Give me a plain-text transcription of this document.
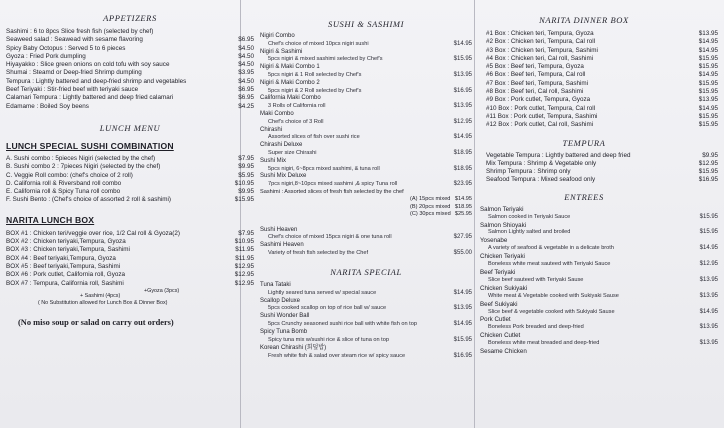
APPETIZERS
Sashimi : 6 to 8pcs Slice fresh fish (selected by chef)
Seaweed salad : Seawead with sesame flavoring	$6.95
Spicy Baby Octopus : Served 5 to 6 pieces	$4.50
Gyoza : Fried Pork dumpling	$4.50
Hiyayakko : Slice green onions on cold tofu with soy sauce	$4.50
Shumai : Steamd or Deep-fried Shrimp dumpling	$3.95
Tempura : Lightly battered and deep-fried shrimp and vegetables	$4.50
Beef Teriyaki : Stir-fried beef with teriyaki sauce	$6.95
Calamari Tempura : Lightly battered and deep fried calamari	$6.95
Edamame : Boiled Soy beens	$4.25
LUNCH MENU
LUNCH SPECIAL SUSHI COMBINATION
A. Sushi combo : 5pieces Nigiri (selected by the chef)	$7.95
B. Sushi combo 2 : 7pieces Nigiri (selected by the chef)	$9.95
C. Veggie Roll combo: (chef's choice of 2 roll)	$5.95
D. California roll & Riversband roll combo	$10.95
E. California roll & Spicy Tuna roll combo	$9.95
F. Sushi Bento : (Chef's choice of assorted 2 roll & sashimi)	$15.95
NARITA LUNCH BOX
BOX #1 : Chicken teri/veggie over rice, 1/2 Cal roll & Gyoza(2)	$7.95
BOX #2 : Chicken teriyaki,Tempura, Gyoza	$10.95
BOX #3 : Chicken teriyaki,Tempura, Sashimi	$11.95
BOX #4 : Beef teriyaki,Tempura, Gyoza	$11.95
BOX #5 : Beef teriyaki,Tempura, Sashimi	$12.95
BOX #6 : Pork cutlet, California roll, Gyoza	$12.95
BOX #7 : Tempura, California roll, Sashimi	$12.95
+ Sashimi (4pcs)
+Gyoza (3pcs)
( No Substitution allowed for Lunch Box & Dinner Box)
(No miso soup or salad on carry out orders)
SUSHI & SASHIMI
Nigiri Combo
Chef's choice of mixed 10pcs nigiri sushi	$14.95
Nigiri & Sashimi
5pcs nigiri & mixed sashimi selected by Chef's	$15.95
Nigiri & Maki Combo 1
5pcs nigiri & 1 Roll selected by Chef's	$13.95
Nigiri & Maki Combo 2
5pcs nigiri & 2 Roll selected by Chef's	$16.95
California Maki Combo
3 Rolls of California roll	$13.95
Maki Combo
Chef's choice of 3 Roll	$12.95
Chirashi
Assorted slices of fish over sushi rice	$14.95
Chirashi Deluxe
Super size Chirashi	$18.95
Sushi Mix
5pcs nigiri, 6~8pcs mixed sashimi, & tuna roll	$18.95
Sushi Mix Deluxe
7pcs nigiri,8~10pcs mixed sashimi ,& spicy Tuna roll	$23.95
Sashimi : Assorted slices of fresh fish selected by the chef
(A) 15pcs mixed $14.95
(B) 20pcs mixed $18.95
(C) 30pcs mixed $25.95
Sushi Heaven
Chef's choice of mixed 15pcs nigiri & one tuna roll	$27.95
Sashimi Heaven
Variety of fresh fish selected by the Chef	$55.00
NARITA SPECIAL
Tuna Tataki
Lightly seared tuna served w/ special sauce	$14.95
Scallop Deluxe
5pcs cooked scallop on top of rice ball w/ sauce	$13.95
Sushi Wonder Ball
5pcs Crunchy seasoned sushi rice ball with white fish on top	$14.95
Spicy Tuna Bomb
Spicy tuna mix w/sushi rice & slice of tuna on top	$15.95
Korean Chirashi (회덮밥)
Fresh white fish & salad over steam rice w/ spicy sauce	$16.95
NARITA DINNER BOX
#1 Box : Chicken teri, Tempura, Gyoza	$13.95
#2 Box : Chicken teri, Tempura, Cal roll	$14.95
#3 Box : Chicken teri, Tempura, Sashimi	$14.95
#4 Box : Chicken teri, Cal roll, Sashimi	$15.95
#5 Box : Beef teri, Tempura, Gyoza	$15.95
#6 Box : Beef teri, Tempura, Cal roll	$14.95
#7 Box : Beef teri, Tempura, Sashimi	$15.95
#8 Box : Beef teri, Cal roll, Sashimi	$15.95
#9 Box : Pork cutlet, Tempura, Gyoza	$13.95
#10 Box : Pork cutlet, Tempura, Cal roll	$14.95
#11 Box : Pork cutlet, Tempura, Sashimi	$15.95
#12 Box : Pork cutlet, Cal roll, Sashimi	$15.95
TEMPURA
Vegetable Tempura : Lightly battered and deep fried	$9.95
Mix Tempura : Shrimp & Vegetable only	$12.95
Shrimp Tempura : Shrimp only	$15.95
Seafood Tempura : Mixed seafood only	$16.95
ENTREES
Salmon Teriyaki
Salmon cooked in Teriyaki Sauce	$15.95
Salmon Shioyaki
Salmon Lightly salted and broiled	$15.95
Yosenabe
A variety of seafood & vegetable in a delicate broth	$14.95
Chicken Teriyaki
Boneless white meat sauteed with Teriyaki Sauce	$12.95
Beef Teriyaki
Slice beef sauteed with Teriyaki Sause	$13.95
Chicken Sukiyaki
White meat & Vegetable cooked with Sukiyaki Sause	$13.95
Beef Sukiyaki
Slice beef & vegetable cooked with Sukiyaki Sause	$14.95
Pork Cutlet
Boneless Pork breaded and deep-fried	$13.95
Chicken Cutlet
Boneless white meat breaded and deep-fried	$13.95
Sesame Chicken
